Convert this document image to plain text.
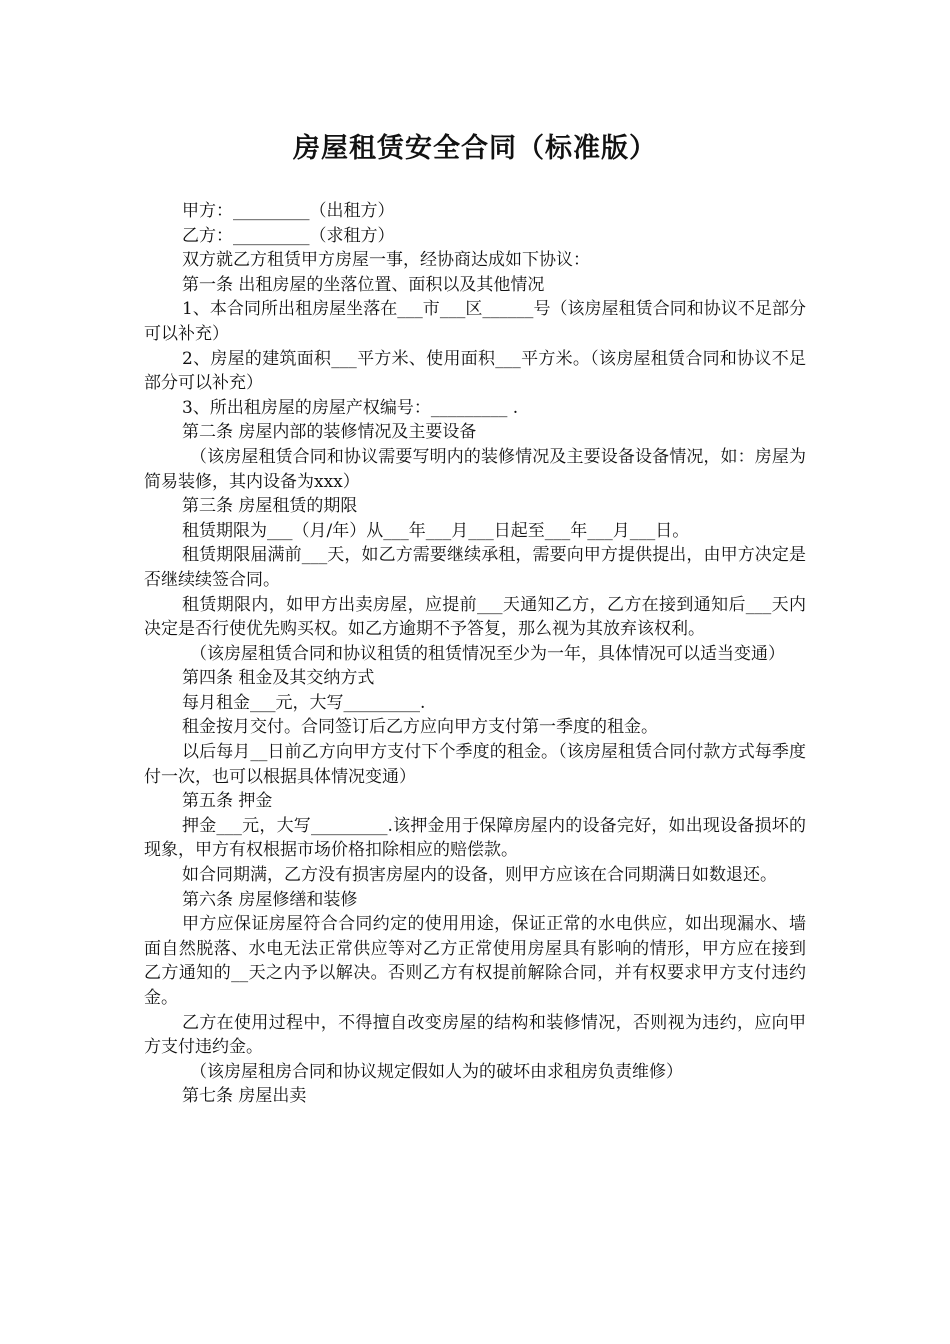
房屋租赁安全合同（标准版）

甲方：_________（出租方）

乙方：_________（求租方）

双方就乙方租赁甲方房屋一事，经协商达成如下协议：

第一条 出租房屋的坐落位置、面积以及其他情况

1、本合同所出租房屋坐落在___市___区______号（该房屋租赁合同和协议不足部分可以补充）

2、房屋的建筑面积___平方米、使用面积___平方米。（该房屋租赁合同和协议不足部分可以补充）

3、所出租房屋的房屋产权编号：_________ .

第二条 房屋内部的装修情况及主要设备

（该房屋租赁合同和协议需要写明内的装修情况及主要设备设备情况，如：房屋为简易装修，其内设备为xxx）

第三条 房屋租赁的期限

租赁期限为___（月/年）从___年___月___日起至___年___月___日。

租赁期限届满前___天，如乙方需要继续承租，需要向甲方提供提出，由甲方决定是否继续续签合同。

租赁期限内，如甲方出卖房屋，应提前___天通知乙方，乙方在接到通知后___天内决定是否行使优先购买权。如乙方逾期不予答复，那么视为其放弃该权利。

（该房屋租赁合同和协议租赁的租赁情况至少为一年，具体情况可以适当变通）

第四条 租金及其交纳方式

每月租金___元，大写_________.

租金按月交付。合同签订后乙方应向甲方支付第一季度的租金。

以后每月__日前乙方向甲方支付下个季度的租金。（该房屋租赁合同付款方式每季度付一次，也可以根据具体情况变通）

第五条 押金

押金___元，大写_________.该押金用于保障房屋内的设备完好，如出现设备损坏的现象，甲方有权根据市场价格扣除相应的赔偿款。

如合同期满，乙方没有损害房屋内的设备，则甲方应该在合同期满日如数退还。

第六条 房屋修缮和装修

甲方应保证房屋符合合同约定的使用用途，保证正常的水电供应，如出现漏水、墙面自然脱落、水电无法正常供应等对乙方正常使用房屋具有影响的情形，甲方应在接到乙方通知的__天之内予以解决。否则乙方有权提前解除合同，并有权要求甲方支付违约金。

乙方在使用过程中，不得擅自改变房屋的结构和装修情况，否则视为违约，应向甲方支付违约金。

（该房屋租房合同和协议规定假如人为的破坏由求租房负责维修）

第七条 房屋出卖
